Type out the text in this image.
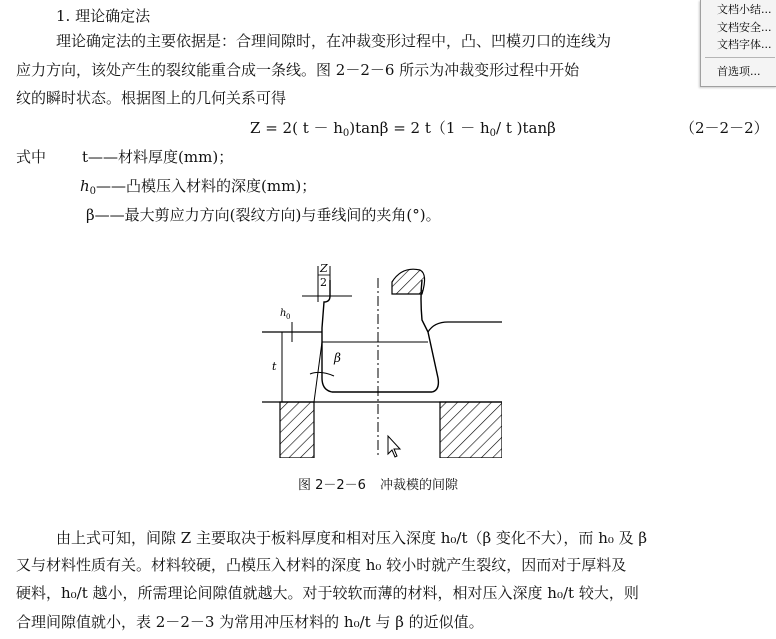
1. 理论确定法
理论确定法的主要依据是：合理间隙时，在冲裁变形过程中，凸、凹模刃口的连线为
应力方向，该处产生的裂纹能重合成一条线。图 2－2－6 所示为冲裁变形过程中开始
纹的瞬时状态。根据图上的几何关系可得
Z = 2( $t - h_0)\tan\beta = 2$ $t(1 - h_0/$ t )tanβ	（2－2－2）
式中 t——材料厚度(mm)；
$h_0——$凸模压入材料的深度(mm)；
β——最大剪应力方向(裂纹方向)与垂线间的夹角(°)。
Z
2
h 0
t
β
图 2－2－6 冲裁模的间隙
由上式可知，间隙 Z 主要取决于板料厚度和相对压入深度 h₀/t（β 变化不大），而 h₀ 及 β
又与材料性质有关。材料较硬，凸模压入材料的深度 h₀ 较小时就产生裂纹，因而对于厚料及
硬料，h₀/t 越小，所需理论间隙值就越大。对于较软而薄的材料，相对压入深度 h₀/t 较大，则
合理间隙值就小，表 2－2－3 为常用冲压材料的 h₀/t 与 β 的近似值。
文档小结...
文档安全...
文档字体...
首选项...
